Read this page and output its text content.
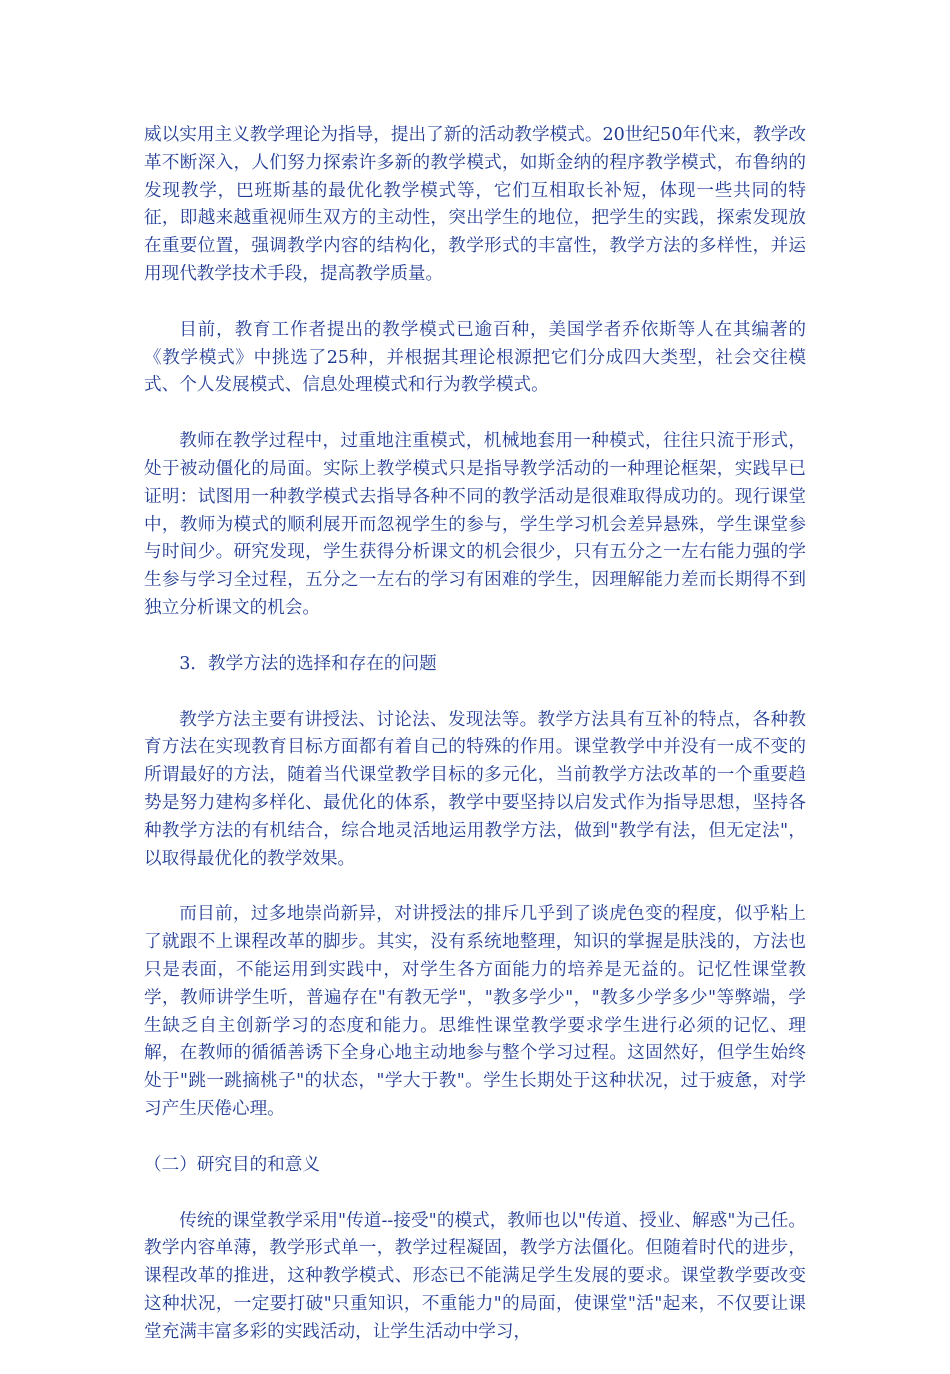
威以实用主义教学理论为指导，提出了新的活动教学模式。20世纪50年代来，教学改革不断深入，人们努力探索许多新的教学模式，如斯金纳的程序教学模式，布鲁纳的发现教学，巴班斯基的最优化教学模式等，它们互相取长补短，体现一些共同的特征，即越来越重视师生双方的主动性，突出学生的地位，把学生的实践，探索发现放在重要位置，强调教学内容的结构化，教学形式的丰富性，教学方法的多样性，并运用现代教学技术手段，提高教学质量。

目前，教育工作者提出的教学模式已逾百种，美国学者乔依斯等人在其编著的《教学模式》中挑选了25种，并根据其理论根源把它们分成四大类型，社会交往模式、个人发展模式、信息处理模式和行为教学模式。

教师在教学过程中，过重地注重模式，机械地套用一种模式，往往只流于形式，处于被动僵化的局面。实际上教学模式只是指导教学活动的一种理论框架，实践早已证明：试图用一种教学模式去指导各种不同的教学活动是很难取得成功的。现行课堂中，教师为模式的顺利展开而忽视学生的参与，学生学习机会差异悬殊，学生课堂参与时间少。研究发现，学生获得分析课文的机会很少，只有五分之一左右能力强的学生参与学习全过程，五分之一左右的学习有困难的学生，因理解能力差而长期得不到独立分析课文的机会。

3．教学方法的选择和存在的问题

教学方法主要有讲授法、讨论法、发现法等。教学方法具有互补的特点，各种教育方法在实现教育目标方面都有着自己的特殊的作用。课堂教学中并没有一成不变的所谓最好的方法，随着当代课堂教学目标的多元化，当前教学方法改革的一个重要趋势是努力建构多样化、最优化的体系，教学中要坚持以启发式作为指导思想，坚持各种教学方法的有机结合，综合地灵活地运用教学方法，做到"教学有法，但无定法"，以取得最优化的教学效果。

而目前，过多地崇尚新异，对讲授法的排斥几乎到了谈虎色变的程度，似乎粘上了就跟不上课程改革的脚步。其实，没有系统地整理，知识的掌握是肤浅的，方法也只是表面，不能运用到实践中，对学生各方面能力的培养是无益的。记忆性课堂教学，教师讲学生听，普遍存在"有教无学"，"教多学少"，"教多少学多少"等弊端，学生缺乏自主创新学习的态度和能力。思维性课堂教学要求学生进行必须的记忆、理解，在教师的循循善诱下全身心地主动地参与整个学习过程。这固然好，但学生始终处于"跳一跳摘桃子"的状态，"学大于教"。学生长期处于这种状况，过于疲惫，对学习产生厌倦心理。

（二）研究目的和意义

传统的课堂教学采用"传道--接受"的模式，教师也以"传道、授业、解惑"为己任。教学内容单薄，教学形式单一，教学过程凝固，教学方法僵化。但随着时代的进步，课程改革的推进，这种教学模式、形态已不能满足学生发展的要求。课堂教学要改变这种状况，一定要打破"只重知识，不重能力"的局面，使课堂"活"起来，不仅要让课堂充满丰富多彩的实践活动，让学生活动中学习，
